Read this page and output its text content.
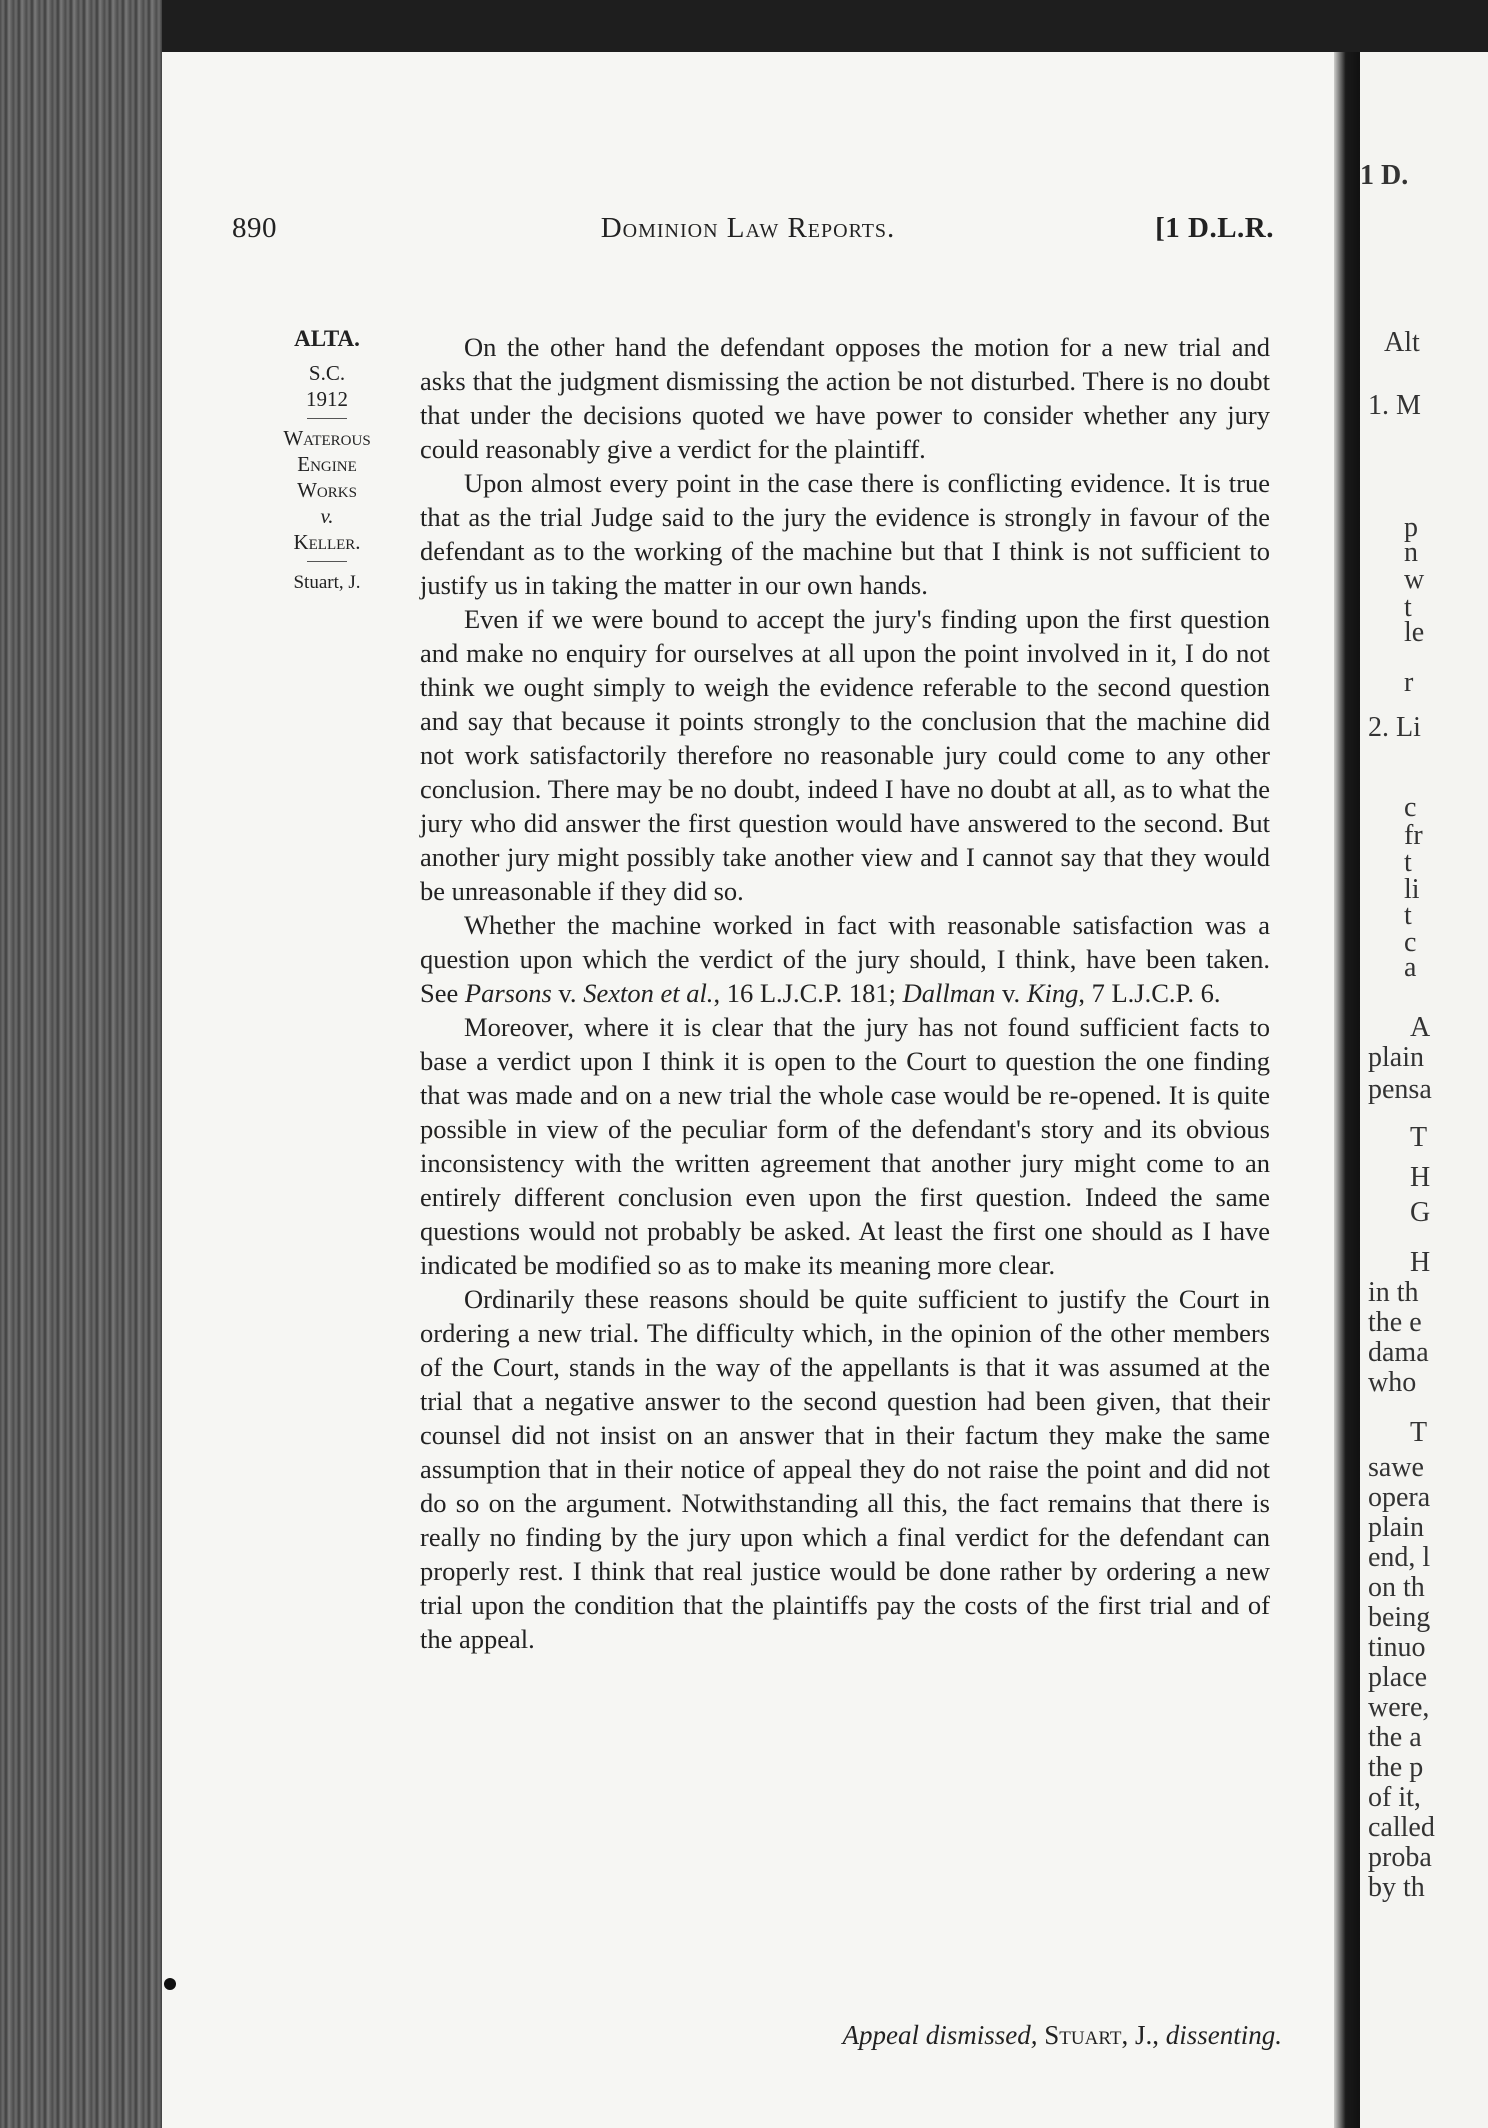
890	Dominion Law Reports.	[1 D.L.R.
ALTA.
S.C.
1912
Waterous
Engine
Works
v.
Keller.
Stuart, J.

On the other hand the defendant opposes the motion for a new trial and asks that the judgment dismissing the action be not disturbed. There is no doubt that under the decisions quoted we have power to consider whether any jury could reasonably give a verdict for the plaintiff.

Upon almost every point in the case there is conflicting evidence. It is true that as the trial Judge said to the jury the evidence is strongly in favour of the defendant as to the working of the machine but that I think is not sufficient to justify us in taking the matter in our own hands.

Even if we were bound to accept the jury's finding upon the first question and make no enquiry for ourselves at all upon the point involved in it, I do not think we ought simply to weigh the evidence referable to the second question and say that because it points strongly to the conclusion that the machine did not work satisfactorily therefore no reasonable jury could come to any other conclusion. There may be no doubt, indeed I have no doubt at all, as to what the jury who did answer the first question would have answered to the second. But another jury might possibly take another view and I cannot say that they would be unreasonable if they did so.

Whether the machine worked in fact with reasonable satisfaction was a question upon which the verdict of the jury should, I think, have been taken. See Parsons v. Sexton et al., 16 L.J.C.P. 181; Dallman v. King, 7 L.J.C.P. 6.

Moreover, where it is clear that the jury has not found sufficient facts to base a verdict upon I think it is open to the Court to question the one finding that was made and on a new trial the whole case would be re-opened. It is quite possible in view of the peculiar form of the defendant's story and its obvious inconsistency with the written agreement that another jury might come to an entirely different conclusion even upon the first question. Indeed the same questions would not probably be asked. At least the first one should as I have indicated be modified so as to make its meaning more clear.

Ordinarily these reasons should be quite sufficient to justify the Court in ordering a new trial. The difficulty which, in the opinion of the other members of the Court, stands in the way of the appellants is that it was assumed at the trial that a negative answer to the second question had been given, that their counsel did not insist on an answer that in their factum they make the same assumption that in their notice of appeal they do not raise the point and did not do so on the argument. Notwithstanding all this, the fact remains that there is really no finding by the jury upon which a final verdict for the defendant can properly rest. I think that real justice would be done rather by ordering a new trial upon the condition that the plaintiffs pay the costs of the first trial and of the appeal.

Appeal dismissed, Stuart, J., dissenting.
1 D.
Alt
1. M
p
n
w
t
le
r
2. Li
c
fr
t
li
t
c
a
A
plain
pensa
T
H
G
H
in th
the e
dama
who
T
sawe
opera
plain
end, l
on th
being
tinuo
place
were,
the a
the p
of it,
called
proba
by th
